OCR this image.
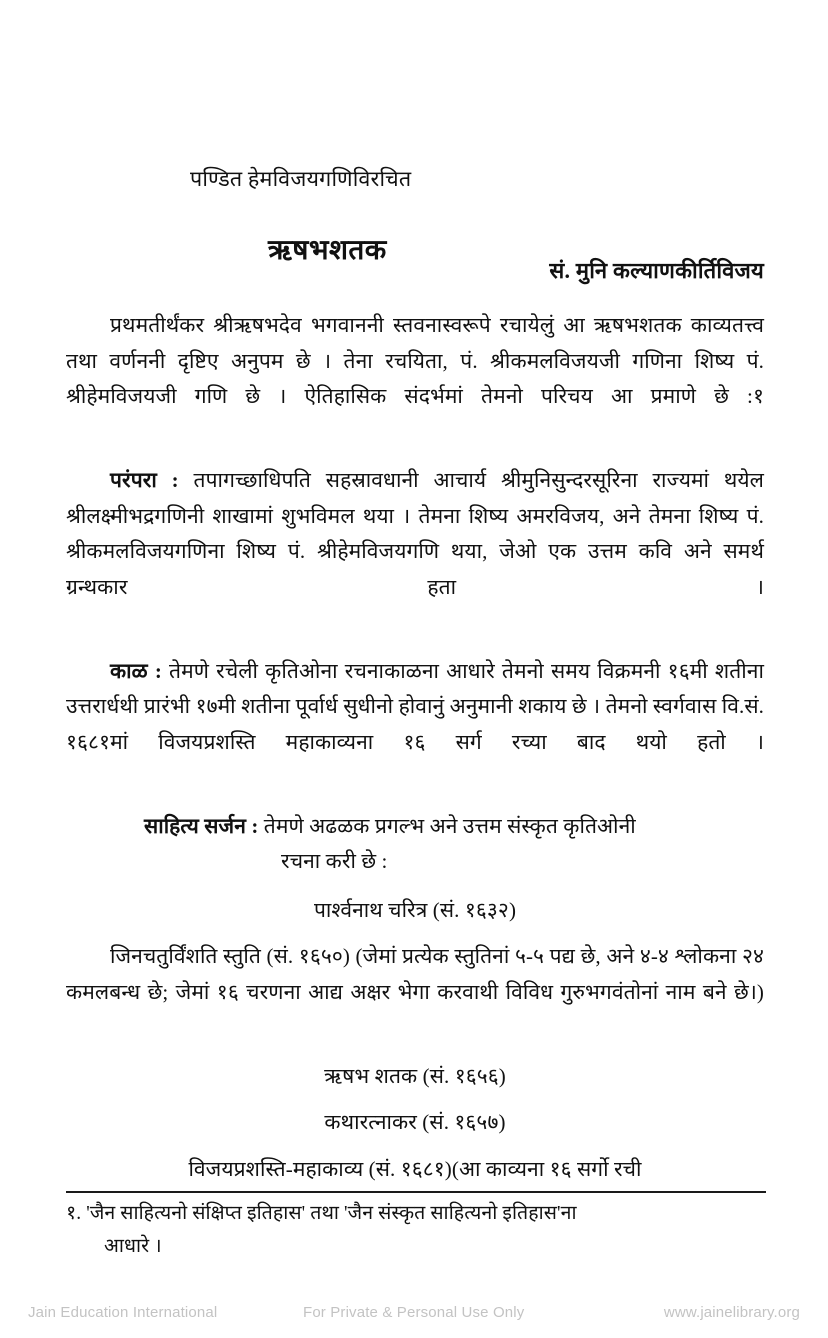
पण्डित हेमविजयगणिविरचित
ऋषभशतक
सं. मुनि कल्याणकीर्तिविजय

प्रथमतीर्थंकर श्रीऋषभदेव भगवाननी स्तवनास्वरूपे रचायेलुं आ ऋषभशतक काव्यतत्त्व तथा वर्णननी दृष्टिए अनुपम छे । तेना रचयिता, पं. श्रीकमलविजयजी गणिना शिष्य पं. श्रीहेमविजयजी गणि छे । ऐतिहासिक संदर्भमां तेमनो परिचय आ प्रमाणे छे :१

परंपरा : तपागच्छाधिपति सहस्रावधानी आचार्य श्रीमुनिसुन्दरसूरिना राज्यमां थयेल श्रीलक्ष्मीभद्रगणिनी शाखामां शुभविमल थया । तेमना शिष्य अमरविजय, अने तेमना शिष्य पं. श्रीकमलविजयगणिना शिष्य पं. श्रीहेमविजयगणि थया, जेओ एक उत्तम कवि अने समर्थ ग्रन्थकार हता ।

काळ : तेमणे रचेली कृतिओना रचनाकाळना आधारे तेमनो समय विक्रमनी १६मी शतीना उत्तरार्धथी प्रारंभी १७मी शतीना पूर्वार्ध सुधीनो होवानुं अनुमानी शकाय छे । तेमनो स्वर्गवास वि.सं. १६८१मां विजयप्रशस्ति महाकाव्यना १६ सर्ग रच्या बाद थयो हतो ।

साहित्य सर्जन : तेमणे अढळक प्रगल्भ अने उत्तम संस्कृत कृतिओनी

रचना करी छे :

पार्श्वनाथ चरित्र (सं. १६३२)

जिनचतुर्विंशति स्तुति (सं. १६५०) (जेमां प्रत्येक स्तुतिनां ५-५ पद्य छे, अने ४-४ श्लोकना २४ कमलबन्ध छे; जेमां १६ चरणना आद्य अक्षर भेगा करवाथी विविध गुरुभगवंतोनां नाम बने छे।)

ऋषभ शतक (सं. १६५६)

कथारत्नाकर (सं. १६५७)

विजयप्रशस्ति-महाकाव्य (सं. १६८१)(आ काव्यना १६ सर्गो रची

१. 'जैन साहित्यनो संक्षिप्त इतिहास' तथा 'जैन संस्कृत साहित्यनो इतिहास'ना
आधारे ।
Jain Education International	For Private & Personal Use Only	www.jainelibrary.org
